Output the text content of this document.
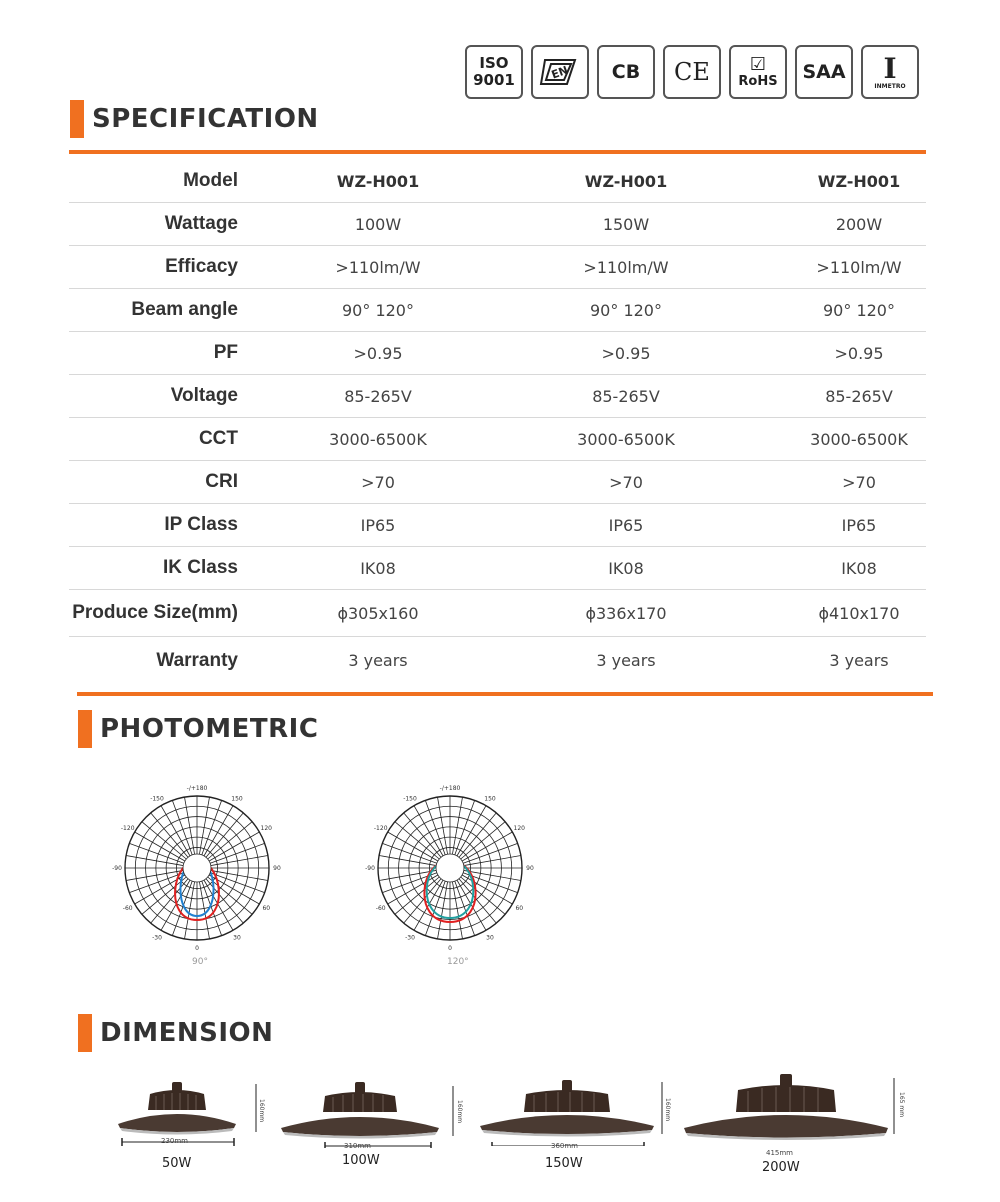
ISO
9001	EN	CB	CE	☑
RoHS	SAA I
INMETRO
SPECIFICATION
Model	WZ-H001	WZ-H001	WZ-H001
Wattage	100W	150W	200W
Efficacy	>110lm/W	>110lm/W	>110lm/W
Beam angle	90° 120°	90° 120°	90° 120°
PF	>0.95	>0.95	>0.95
Voltage	85-265V	85-265V	85-265V
CCT	3000-6500K	3000-6500K	3000-6500K
CRI	>70	>70	>70
IP Class	IP65	IP65	IP65
IK Class	IK08	IK08	IK08
Produce Size(mm)	ϕ305x160	ϕ336x170	ϕ410x170
Warranty	3 years	3 years	3 years
PHOTOMETRIC
-/+180
150
-150
120
-120
90
-90
60
-60
30
-30
0
90°
-/+180
150
-150
120
-120
90
-90
60
-60
30
-30
0
120°
DIMENSION
230mm
160mm
50W
310mm
160mm
100W
360mm
160mm
150W
415mm
165 mm
200W
